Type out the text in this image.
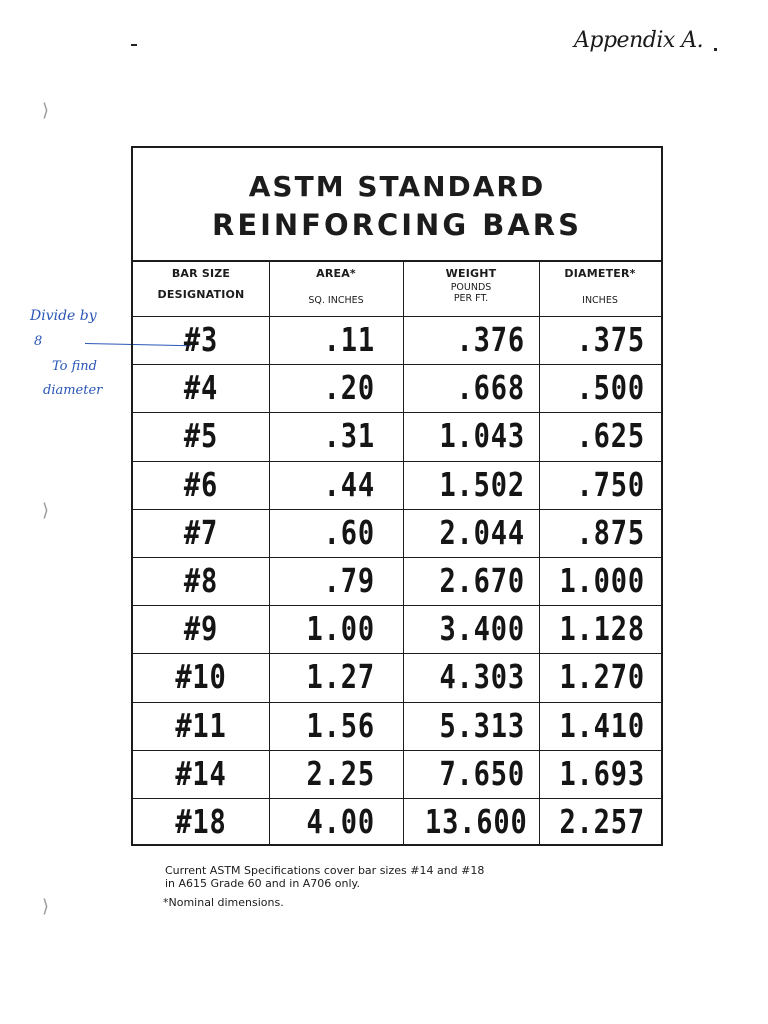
⟩
⟩
⟩
Appendix A.
Divide by
8
To find
diameter
ASTM STANDARD
REINFORCING BARS
BAR SIZE
DESIGNATION
AREA*
SQ. INCHES
WEIGHT
POUNDS PER FT.
DIAMETER*
INCHES
#3	.11	.376	.375
#4	.20	.668	.500
#5	.31	1.043	.625
#6	.44	1.502	.750
#7	.60	2.044	.875
#8	.79	2.670 1.000
#9	1.00	3.400 1.128
#10	1.27	4.303 1.270
#11	1.56	5.313 1.410
#14	2.25	7.650 1.693
#18	4.00 13.600 2.257
Current ASTM Specifications cover bar sizes #14 and #18
in A615 Grade 60 and in A706 only.
*Nominal dimensions.
